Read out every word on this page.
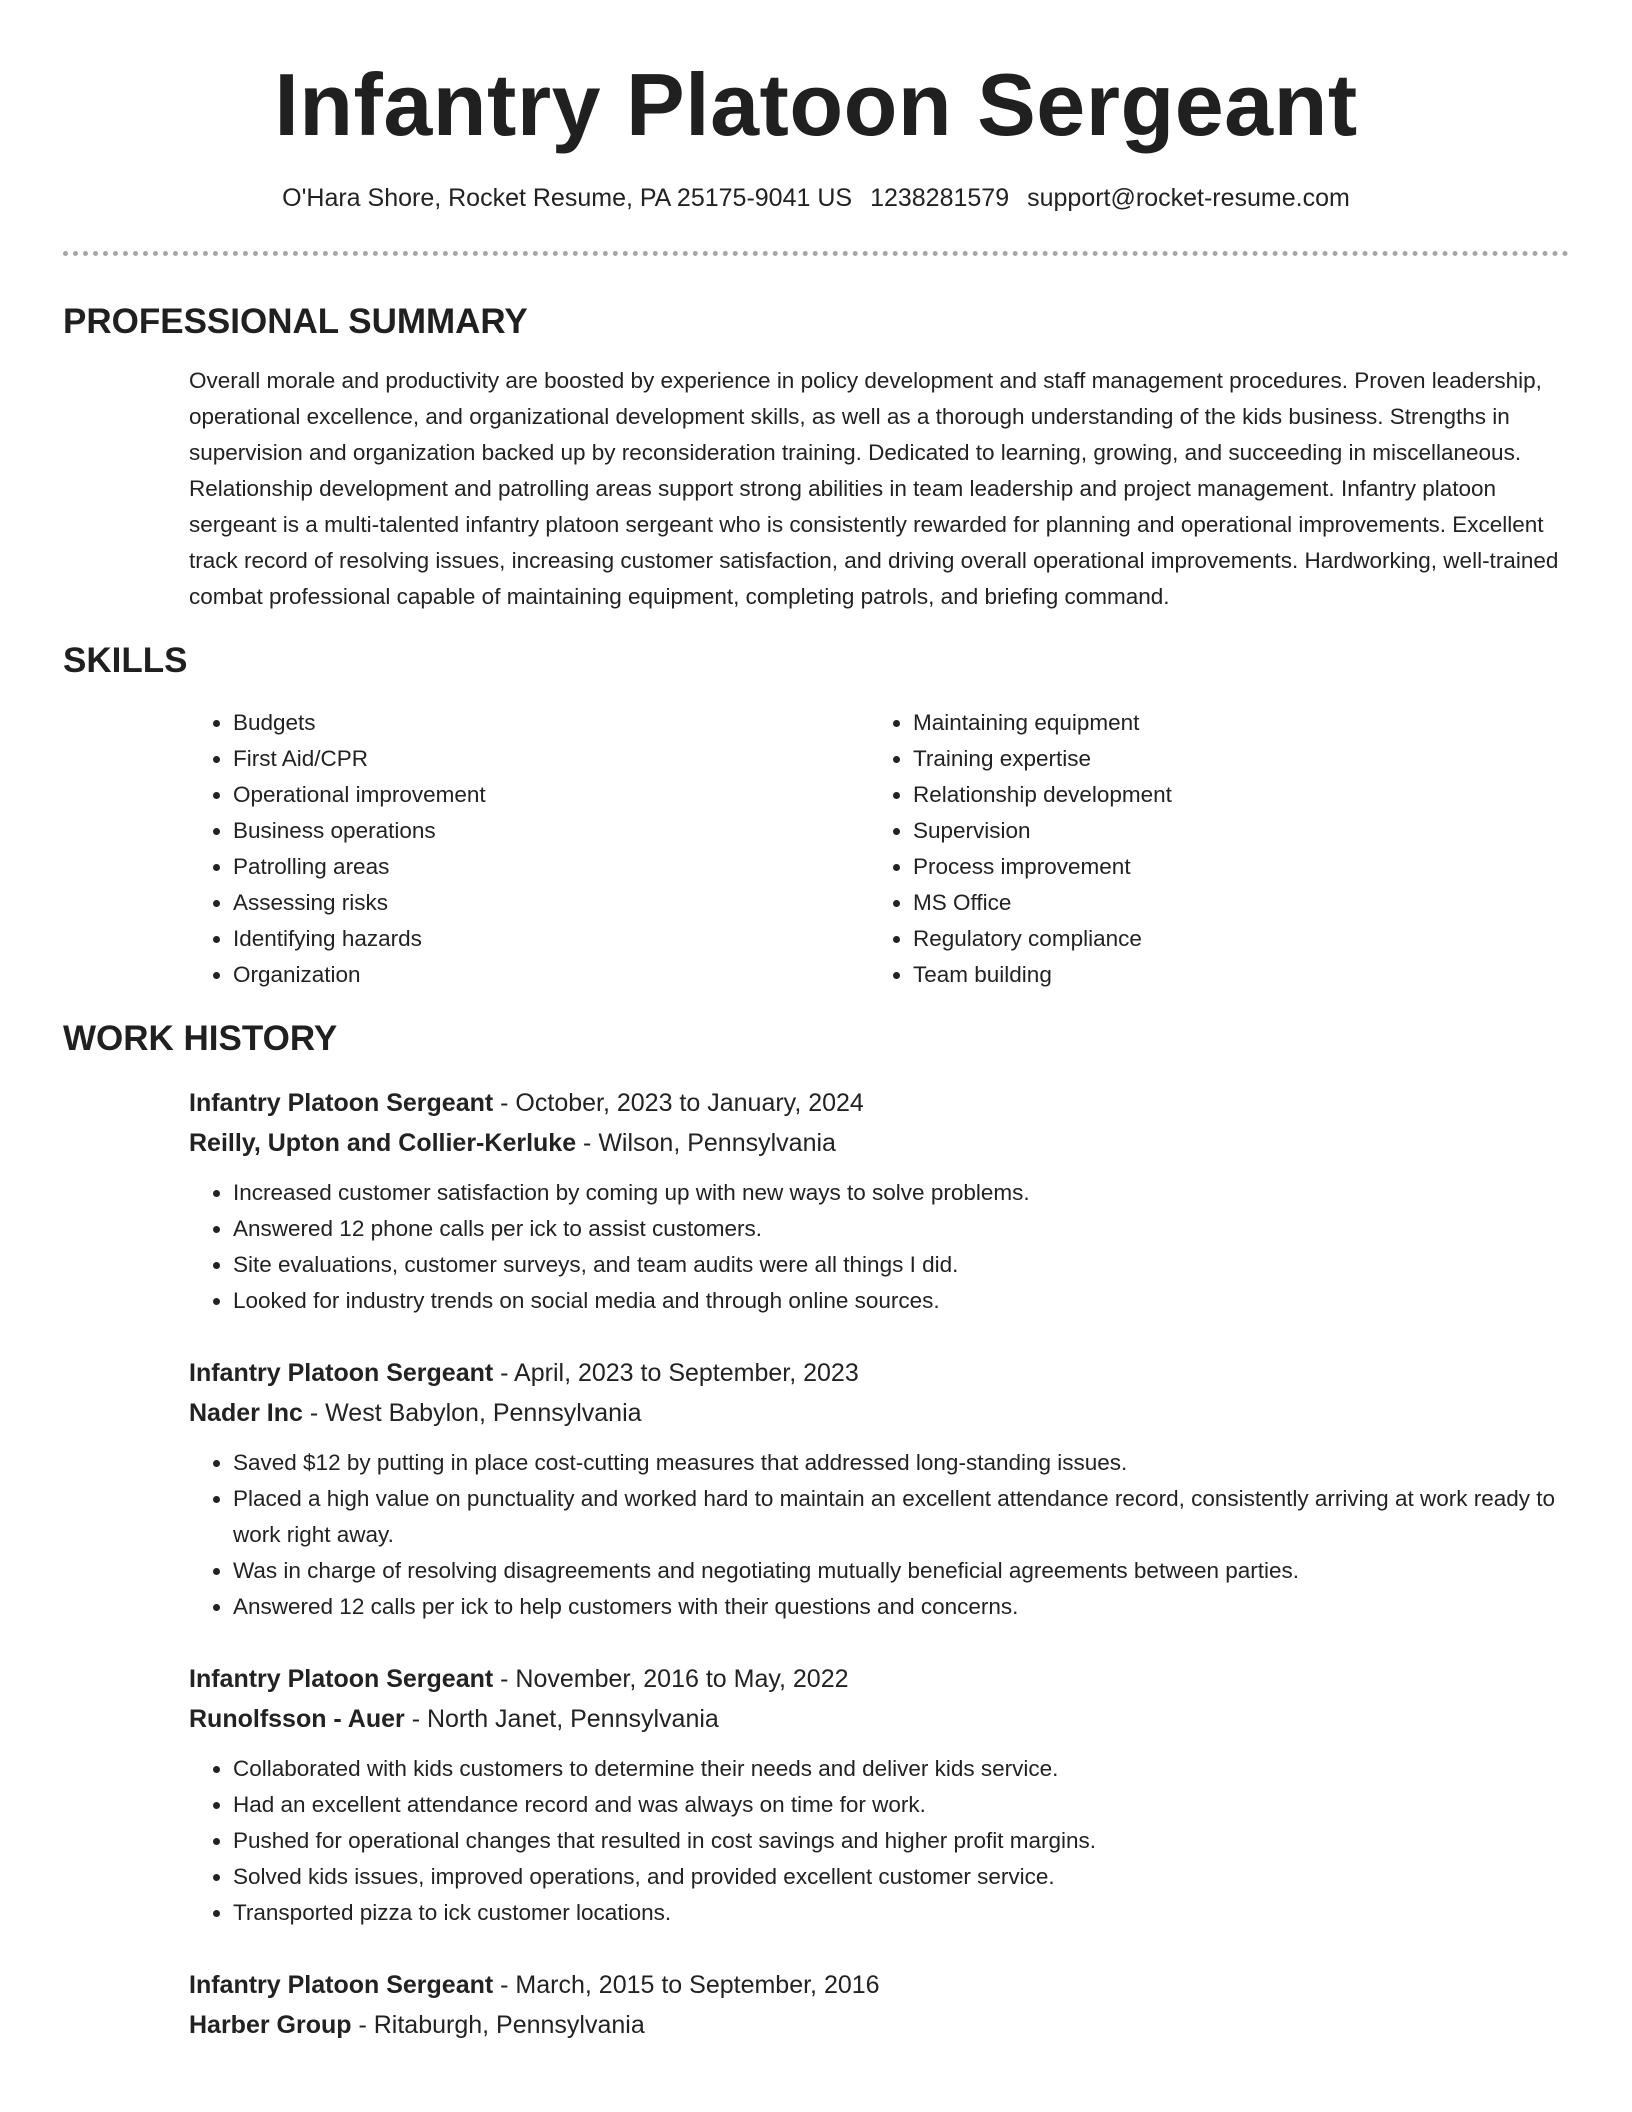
Infantry Platoon Sergeant
O'Hara Shore, Rocket Resume, PA 25175-9041 US 1238281579 support@rocket-resume.com
PROFESSIONAL SUMMARY
Overall morale and productivity are boosted by experience in policy development and staff management procedures. Proven leadership, operational excellence, and organizational development skills, as well as a thorough understanding of the kids business. Strengths in supervision and organization backed up by reconsideration training. Dedicated to learning, growing, and succeeding in miscellaneous. Relationship development and patrolling areas support strong abilities in team leadership and project management. Infantry platoon sergeant is a multi-talented infantry platoon sergeant who is consistently rewarded for planning and operational improvements. Excellent track record of resolving issues, increasing customer satisfaction, and driving overall operational improvements. Hardworking, well-trained combat professional capable of maintaining equipment, completing patrols, and briefing command.
SKILLS
• Budgets
• First Aid/CPR
• Operational improvement
• Business operations
• Patrolling areas
• Assessing risks
• Identifying hazards
• Organization
• Maintaining equipment
• Training expertise
• Relationship development
• Supervision
• Process improvement
• MS Office
• Regulatory compliance
• Team building
WORK HISTORY
Infantry Platoon Sergeant - October, 2023 to January, 2024
Reilly, Upton and Collier-Kerluke - Wilson, Pennsylvania
• Increased customer satisfaction by coming up with new ways to solve problems.
• Answered 12 phone calls per ick to assist customers.
• Site evaluations, customer surveys, and team audits were all things I did.
• Looked for industry trends on social media and through online sources.
Infantry Platoon Sergeant - April, 2023 to September, 2023
Nader Inc - West Babylon, Pennsylvania
• Saved $12 by putting in place cost-cutting measures that addressed long-standing issues.
• Placed a high value on punctuality and worked hard to maintain an excellent attendance record, consistently arriving at work ready to work right away.
• Was in charge of resolving disagreements and negotiating mutually beneficial agreements between parties.
• Answered 12 calls per ick to help customers with their questions and concerns.
Infantry Platoon Sergeant - November, 2016 to May, 2022
Runolfsson - Auer - North Janet, Pennsylvania
• Collaborated with kids customers to determine their needs and deliver kids service.
• Had an excellent attendance record and was always on time for work.
• Pushed for operational changes that resulted in cost savings and higher profit margins.
• Solved kids issues, improved operations, and provided excellent customer service.
• Transported pizza to ick customer locations.
Infantry Platoon Sergeant - March, 2015 to September, 2016
Harber Group - Ritaburgh, Pennsylvania
